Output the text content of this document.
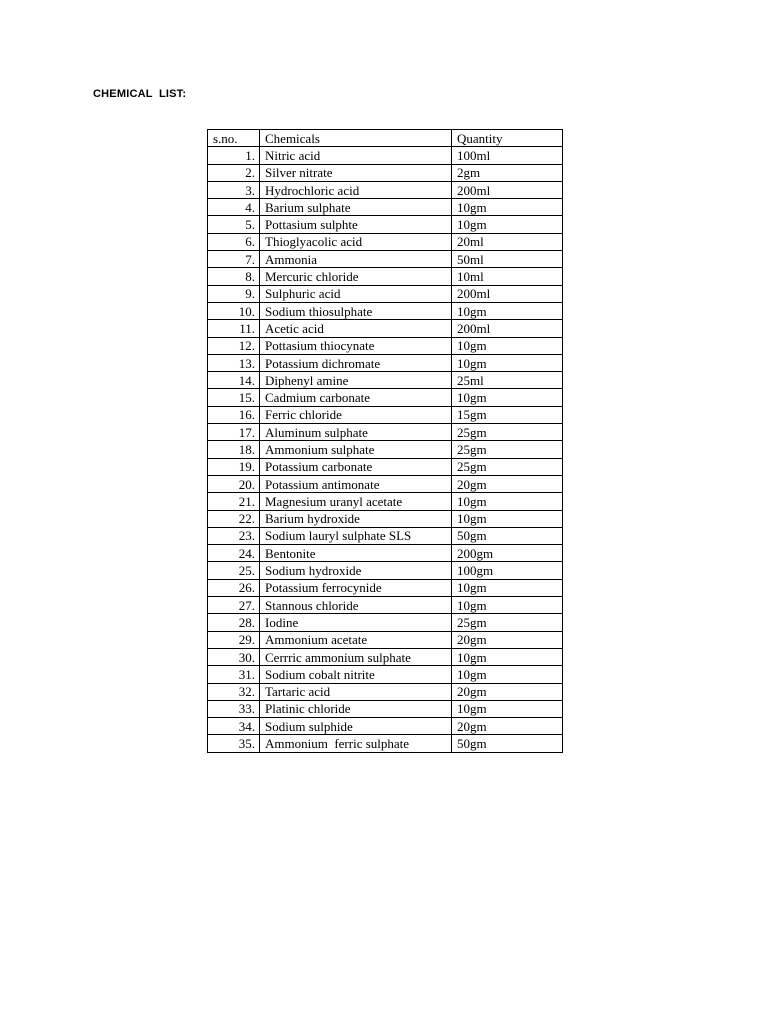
CHEMICAL  LIST:

s.no.	Chemicals	Quantity
1.	Nitric acid	100ml
2.	Silver nitrate	2gm
3.	Hydrochloric acid	200ml
4.	Barium sulphate	10gm
5.	Pottasium sulphte	10gm
6.	Thioglyacolic acid	20ml
7.	Ammonia	50ml
8.	Mercuric chloride	10ml
9.	Sulphuric acid	200ml
10.	Sodium thiosulphate	10gm
11.	Acetic acid	200ml
12.	Pottasium thiocynate	10gm
13.	Potassium dichromate	10gm
14.	Diphenyl amine	25ml
15.	Cadmium carbonate	10gm
16.	Ferric chloride	15gm
17.	Aluminum sulphate	25gm
18.	Ammonium sulphate	25gm
19.	Potassium carbonate	25gm
20.	Potassium antimonate	20gm
21.	Magnesium uranyl acetate	10gm
22.	Barium hydroxide	10gm
23.	Sodium lauryl sulphate SLS	50gm
24.	Bentonite	200gm
25.	Sodium hydroxide	100gm
26.	Potassium ferrocynide	10gm
27.	Stannous chloride	10gm
28.	Iodine	25gm
29.	Ammonium acetate	20gm
30.	Cerrric ammonium sulphate	10gm
31.	Sodium cobalt nitrite	10gm
32.	Tartaric acid	20gm
33.	Platinic chloride	10gm
34.	Sodium sulphide	20gm
35.	Ammonium  ferric sulphate	50gm
